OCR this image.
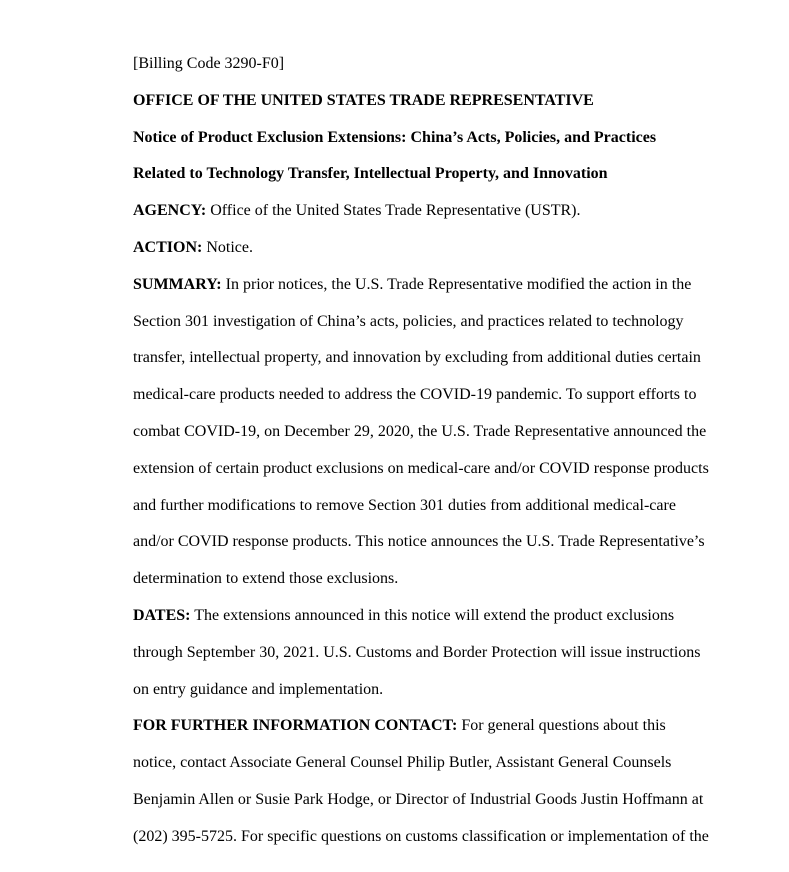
[Billing Code 3290-F0]
OFFICE OF THE UNITED STATES TRADE REPRESENTATIVE
Notice of Product Exclusion Extensions: China’s Acts, Policies, and Practices
Related to Technology Transfer, Intellectual Property, and Innovation
AGENCY: Office of the United States Trade Representative (USTR).
ACTION: Notice.
SUMMARY: In prior notices, the U.S. Trade Representative modified the action in the
Section 301 investigation of China’s acts, policies, and practices related to technology
transfer, intellectual property, and innovation by excluding from additional duties certain
medical-care products needed to address the COVID-19 pandemic. To support efforts to
combat COVID-19, on December 29, 2020, the U.S. Trade Representative announced the
extension of certain product exclusions on medical-care and/or COVID response products
and further modifications to remove Section 301 duties from additional medical-care
and/or COVID response products. This notice announces the U.S. Trade Representative’s
determination to extend those exclusions.
DATES: The extensions announced in this notice will extend the product exclusions
through September 30, 2021. U.S. Customs and Border Protection will issue instructions
on entry guidance and implementation.
FOR FURTHER INFORMATION CONTACT: For general questions about this
notice, contact Associate General Counsel Philip Butler, Assistant General Counsels
Benjamin Allen or Susie Park Hodge, or Director of Industrial Goods Justin Hoffmann at
(202) 395-5725. For specific questions on customs classification or implementation of the
